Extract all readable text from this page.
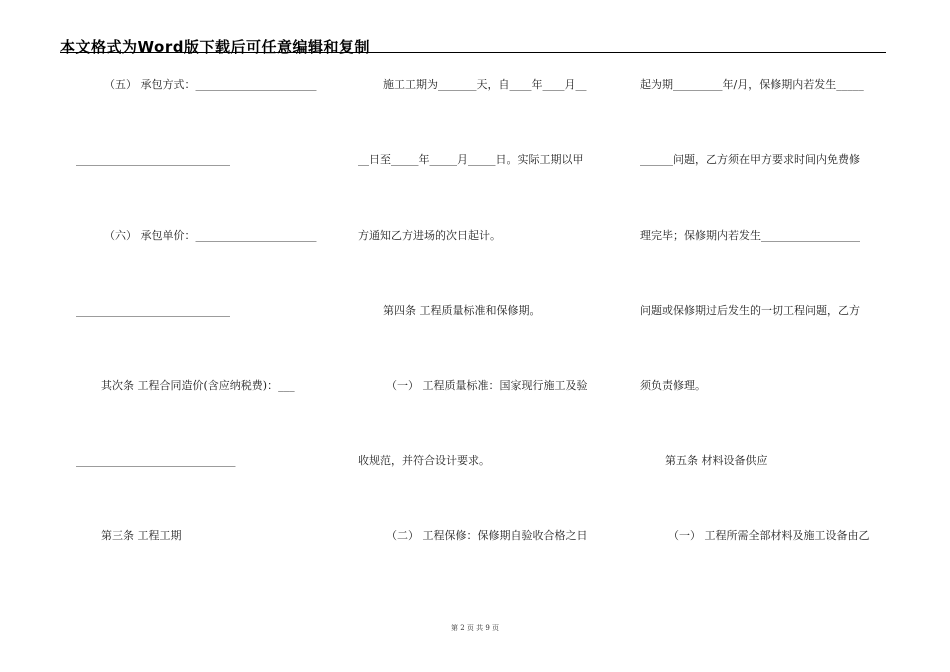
本文格式为Word版下载后可任意编辑和复制
（五） 承包方式：______________________
____________________________
（六） 承包单价：______________________
____________________________
其次条 工程合同造价(含应纳税费)：___
_____________________________
第三条 工程工期
施工工期为_______天，自____年____月__
__日至_____年_____月_____日。实际工期以甲
方通知乙方进场的次日起计。
第四条 工程质量标准和保修期。
（一） 工程质量标准：国家现行施工及验
收规范，并符合设计要求。
（二） 工程保修：保修期自验收合格之日
起为期_________年/月，保修期内若发生_____
______问题，乙方须在甲方要求时间内免费修
理完毕；保修期内若发生__________________
问题或保修期过后发生的一切工程问题，乙方
须负责修理。
第五条 材料设备供应
（一） 工程所需全部材料及施工设备由乙
第 2 页 共 9 页
